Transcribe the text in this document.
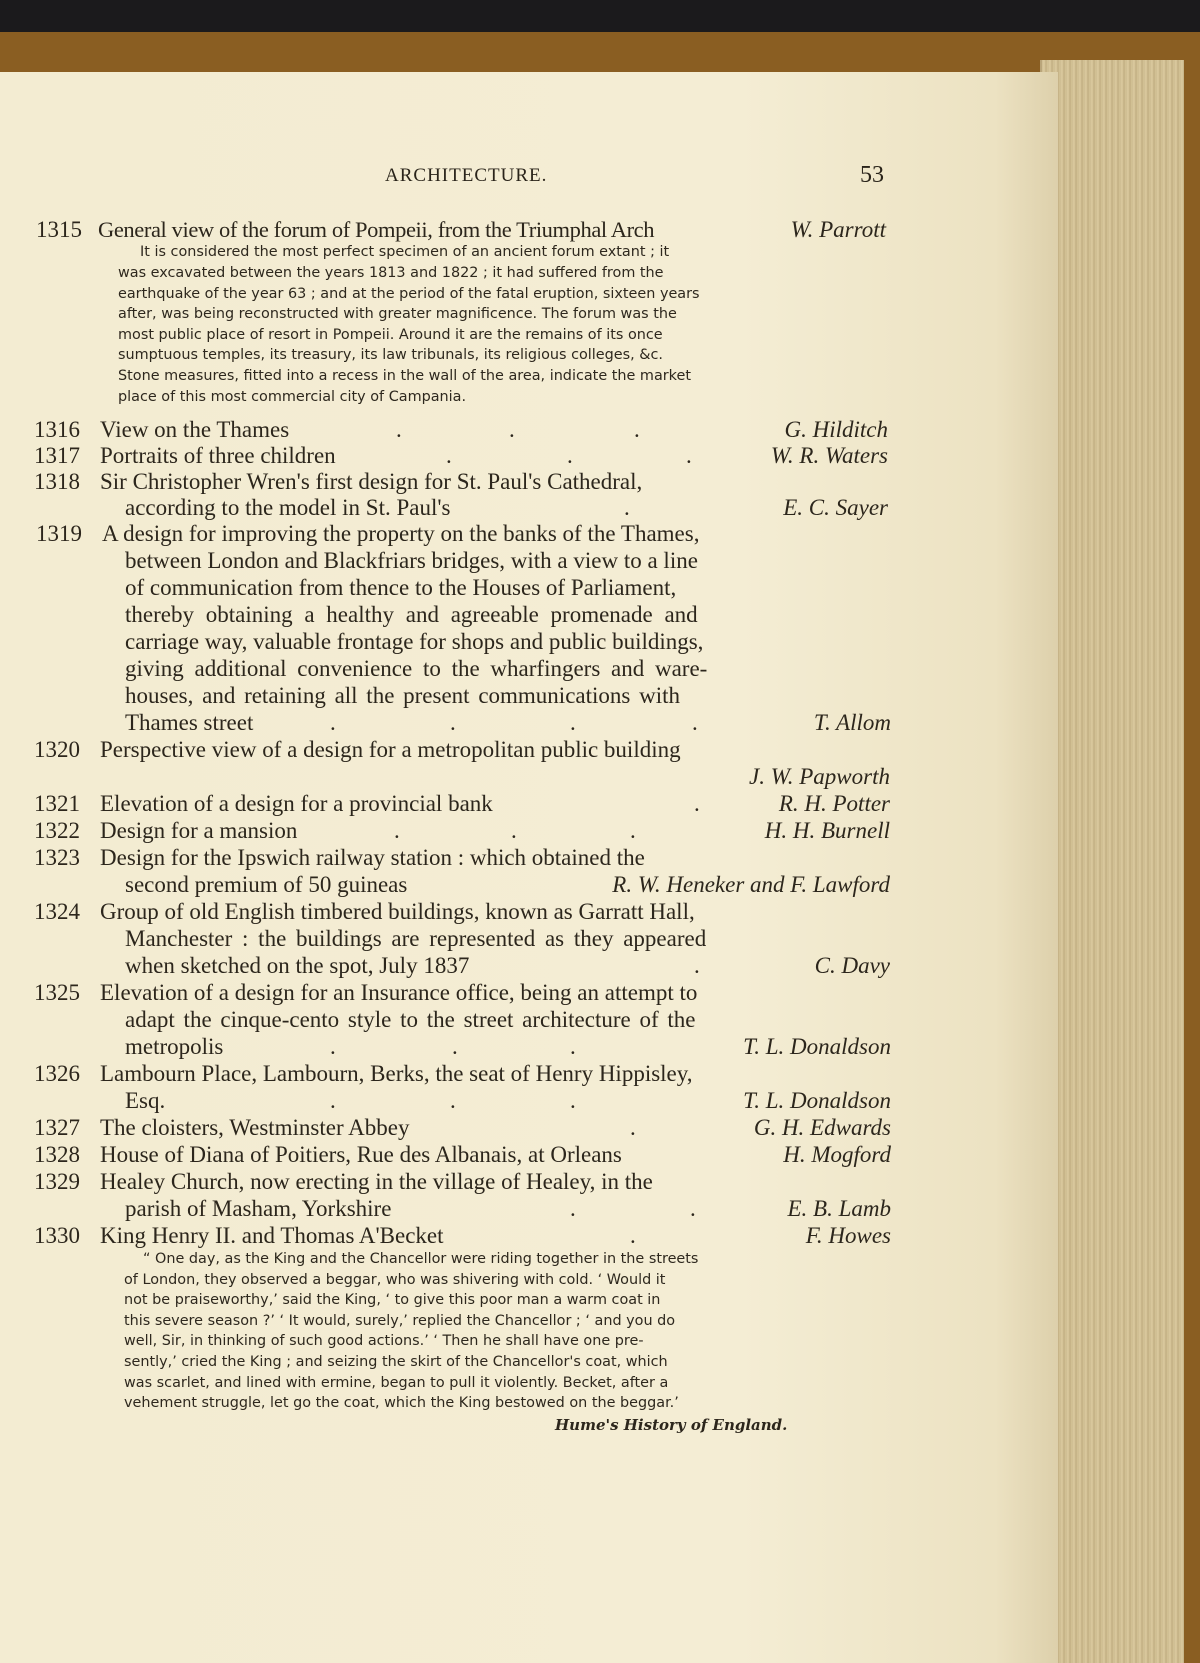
ARCHITECTURE.	53
1315 General view of the forum of Pompeii, from the Triumphal Arch	W. Parrott
It is considered the most perfect specimen of an ancient forum extant ; it
was excavated between the years 1813 and 1822 ; it had suffered from the
earthquake of the year 63 ; and at the period of the fatal eruption, sixteen years
after, was being reconstructed with greater magnificence. The forum was the
most public place of resort in Pompeii. Around it are the remains of its once
sumptuous temples, its treasury, its law tribunals, its religious colleges, &c.
Stone measures, fitted into a recess in the wall of the area, indicate the market
place of this most commercial city of Campania.
1316 View on the Thames	.	.	.	G. Hilditch
1317 Portraits of three children	.	.	.	W. R. Waters
1318 Sir Christopher Wren's first design for St. Paul's Cathedral,
according to the model in St. Paul's	.	E. C. Sayer
1319 A design for improving the property on the banks of the Thames,
between London and Blackfriars bridges, with a view to a line
of communication from thence to the Houses of Parliament,
thereby obtaining a healthy and agreeable promenade and
carriage way, valuable frontage for shops and public buildings,
giving additional convenience to the wharfingers and ware-
houses, and retaining all the present communications with
Thames street	.	.	.	.	T. Allom
1320 Perspective view of a design for a metropolitan public building
J. W. Papworth
1321 Elevation of a design for a provincial bank	.	R. H. Potter
1322 Design for a mansion	.	.	.	H. H. Burnell
1323 Design for the Ipswich railway station : which obtained the
second premium of 50 guineas	R. W. Heneker and F. Lawford
1324 Group of old English timbered buildings, known as Garratt Hall,
Manchester : the buildings are represented as they appeared
when sketched on the spot, July 1837	.	C. Davy
1325 Elevation of a design for an Insurance office, being an attempt to
adapt the cinque-cento style to the street architecture of the
metropolis	.	.	.	T. L. Donaldson
1326 Lambourn Place, Lambourn, Berks, the seat of Henry Hippisley,
Esq.	.	.	.	T. L. Donaldson
1327 The cloisters, Westminster Abbey	.	G. H. Edwards
1328 House of Diana of Poitiers, Rue des Albanais, at Orleans	H. Mogford
1329 Healey Church, now erecting in the village of Healey, in the
parish of Masham, Yorkshire	.	.	E. B. Lamb
1330 King Henry II. and Thomas A'Becket	.	F. Howes
“ One day, as the King and the Chancellor were riding together in the streets
of London, they observed a beggar, who was shivering with cold. ‘ Would it
not be praiseworthy,’ said the King, ‘ to give this poor man a warm coat in
this severe season ?’ ‘ It would, surely,’ replied the Chancellor ; ‘ and you do
well, Sir, in thinking of such good actions.’ ‘ Then he shall have one pre-
sently,’ cried the King ; and seizing the skirt of the Chancellor's coat, which
was scarlet, and lined with ermine, began to pull it violently. Becket, after a
vehement struggle, let go the coat, which the King bestowed on the beggar.’
Hume's History of England.
